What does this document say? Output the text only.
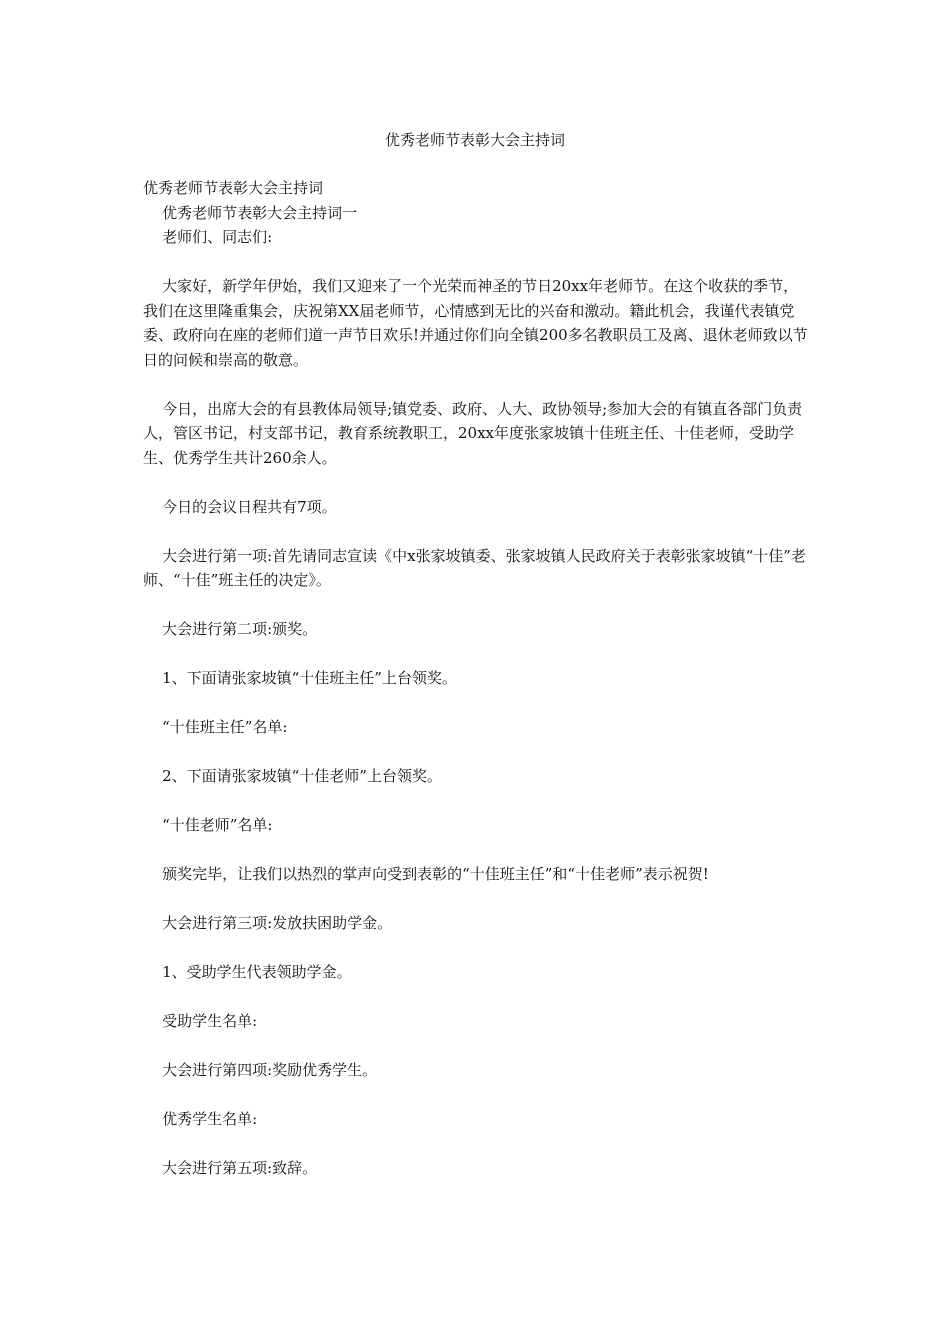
优秀老师节表彰大会主持词

优秀老师节表彰大会主持词

优秀老师节表彰大会主持词一

老师们、同志们:

大家好，新学年伊始，我们又迎来了一个光荣而神圣的节日20xx年老师节。在这个收获的季节，我们在这里隆重集会，庆祝第XX届老师节，心情感到无比的兴奋和激动。籍此机会，我谨代表镇党委、政府向在座的老师们道一声节日欢乐!并通过你们向全镇200多名教职员工及离、退休老师致以节日的问候和崇高的敬意。

今日，出席大会的有县教体局领导;镇党委、政府、人大、政协领导;参加大会的有镇直各部门负责人，管区书记，村支部书记，教育系统教职工，20xx年度张家坡镇十佳班主任、十佳老师，受助学生、优秀学生共计260余人。

今日的会议日程共有7项。

大会进行第一项:首先请同志宣读《中x张家坡镇委、张家坡镇人民政府关于表彰张家坡镇“十佳”老师、“十佳”班主任的决定》。

大会进行第二项:颁奖。

1、下面请张家坡镇“十佳班主任”上台领奖。

“十佳班主任”名单:

2、下面请张家坡镇“十佳老师”上台领奖。

“十佳老师”名单:

颁奖完毕，让我们以热烈的掌声向受到表彰的“十佳班主任”和“十佳老师”表示祝贺!

大会进行第三项:发放扶困助学金。

1、受助学生代表领助学金。

受助学生名单:

大会进行第四项:奖励优秀学生。

优秀学生名单:

大会进行第五项:致辞。
